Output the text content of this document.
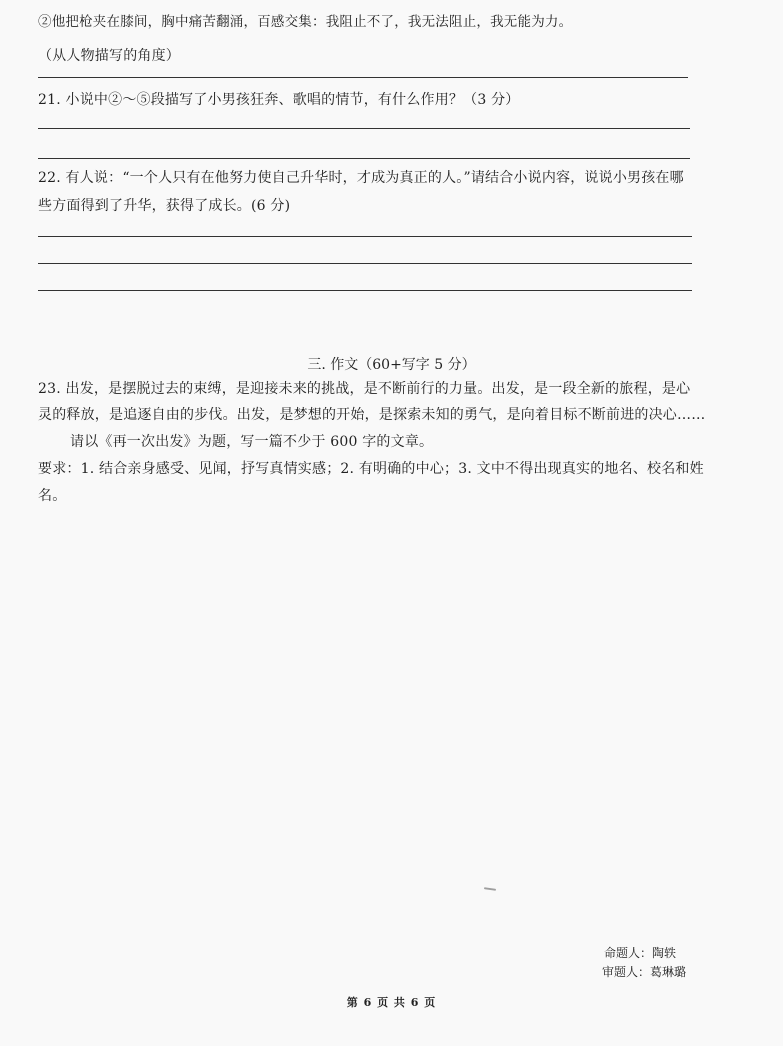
②他把枪夹在膝间，胸中痛苦翻涌，百感交集：我阻止不了，我无法阻止，我无能为力。
（从人物描写的角度）
21. 小说中②～⑤段描写了小男孩狂奔、歌唱的情节，有什么作用？（3 分）
22. 有人说：“一个人只有在他努力使自己升华时，才成为真正的人。”请结合小说内容，说说小男孩在哪
些方面得到了升华，获得了成长。(6 分)
三. 作文（60+写字 5 分）
23. 出发，是摆脱过去的束缚，是迎接未来的挑战，是不断前行的力量。出发，是一段全新的旅程，是心
灵的释放，是追逐自由的步伐。出发，是梦想的开始，是探索未知的勇气，是向着目标不断前进的决心……
请以《再一次出发》为题，写一篇不少于 600 字的文章。
要求：1. 结合亲身感受、见闻，抒写真情实感；2. 有明确的中心；3. 文中不得出现真实的地名、校名和姓
名。
命题人：陶轶
审题人：葛琳璐
第 6 页 共 6 页
